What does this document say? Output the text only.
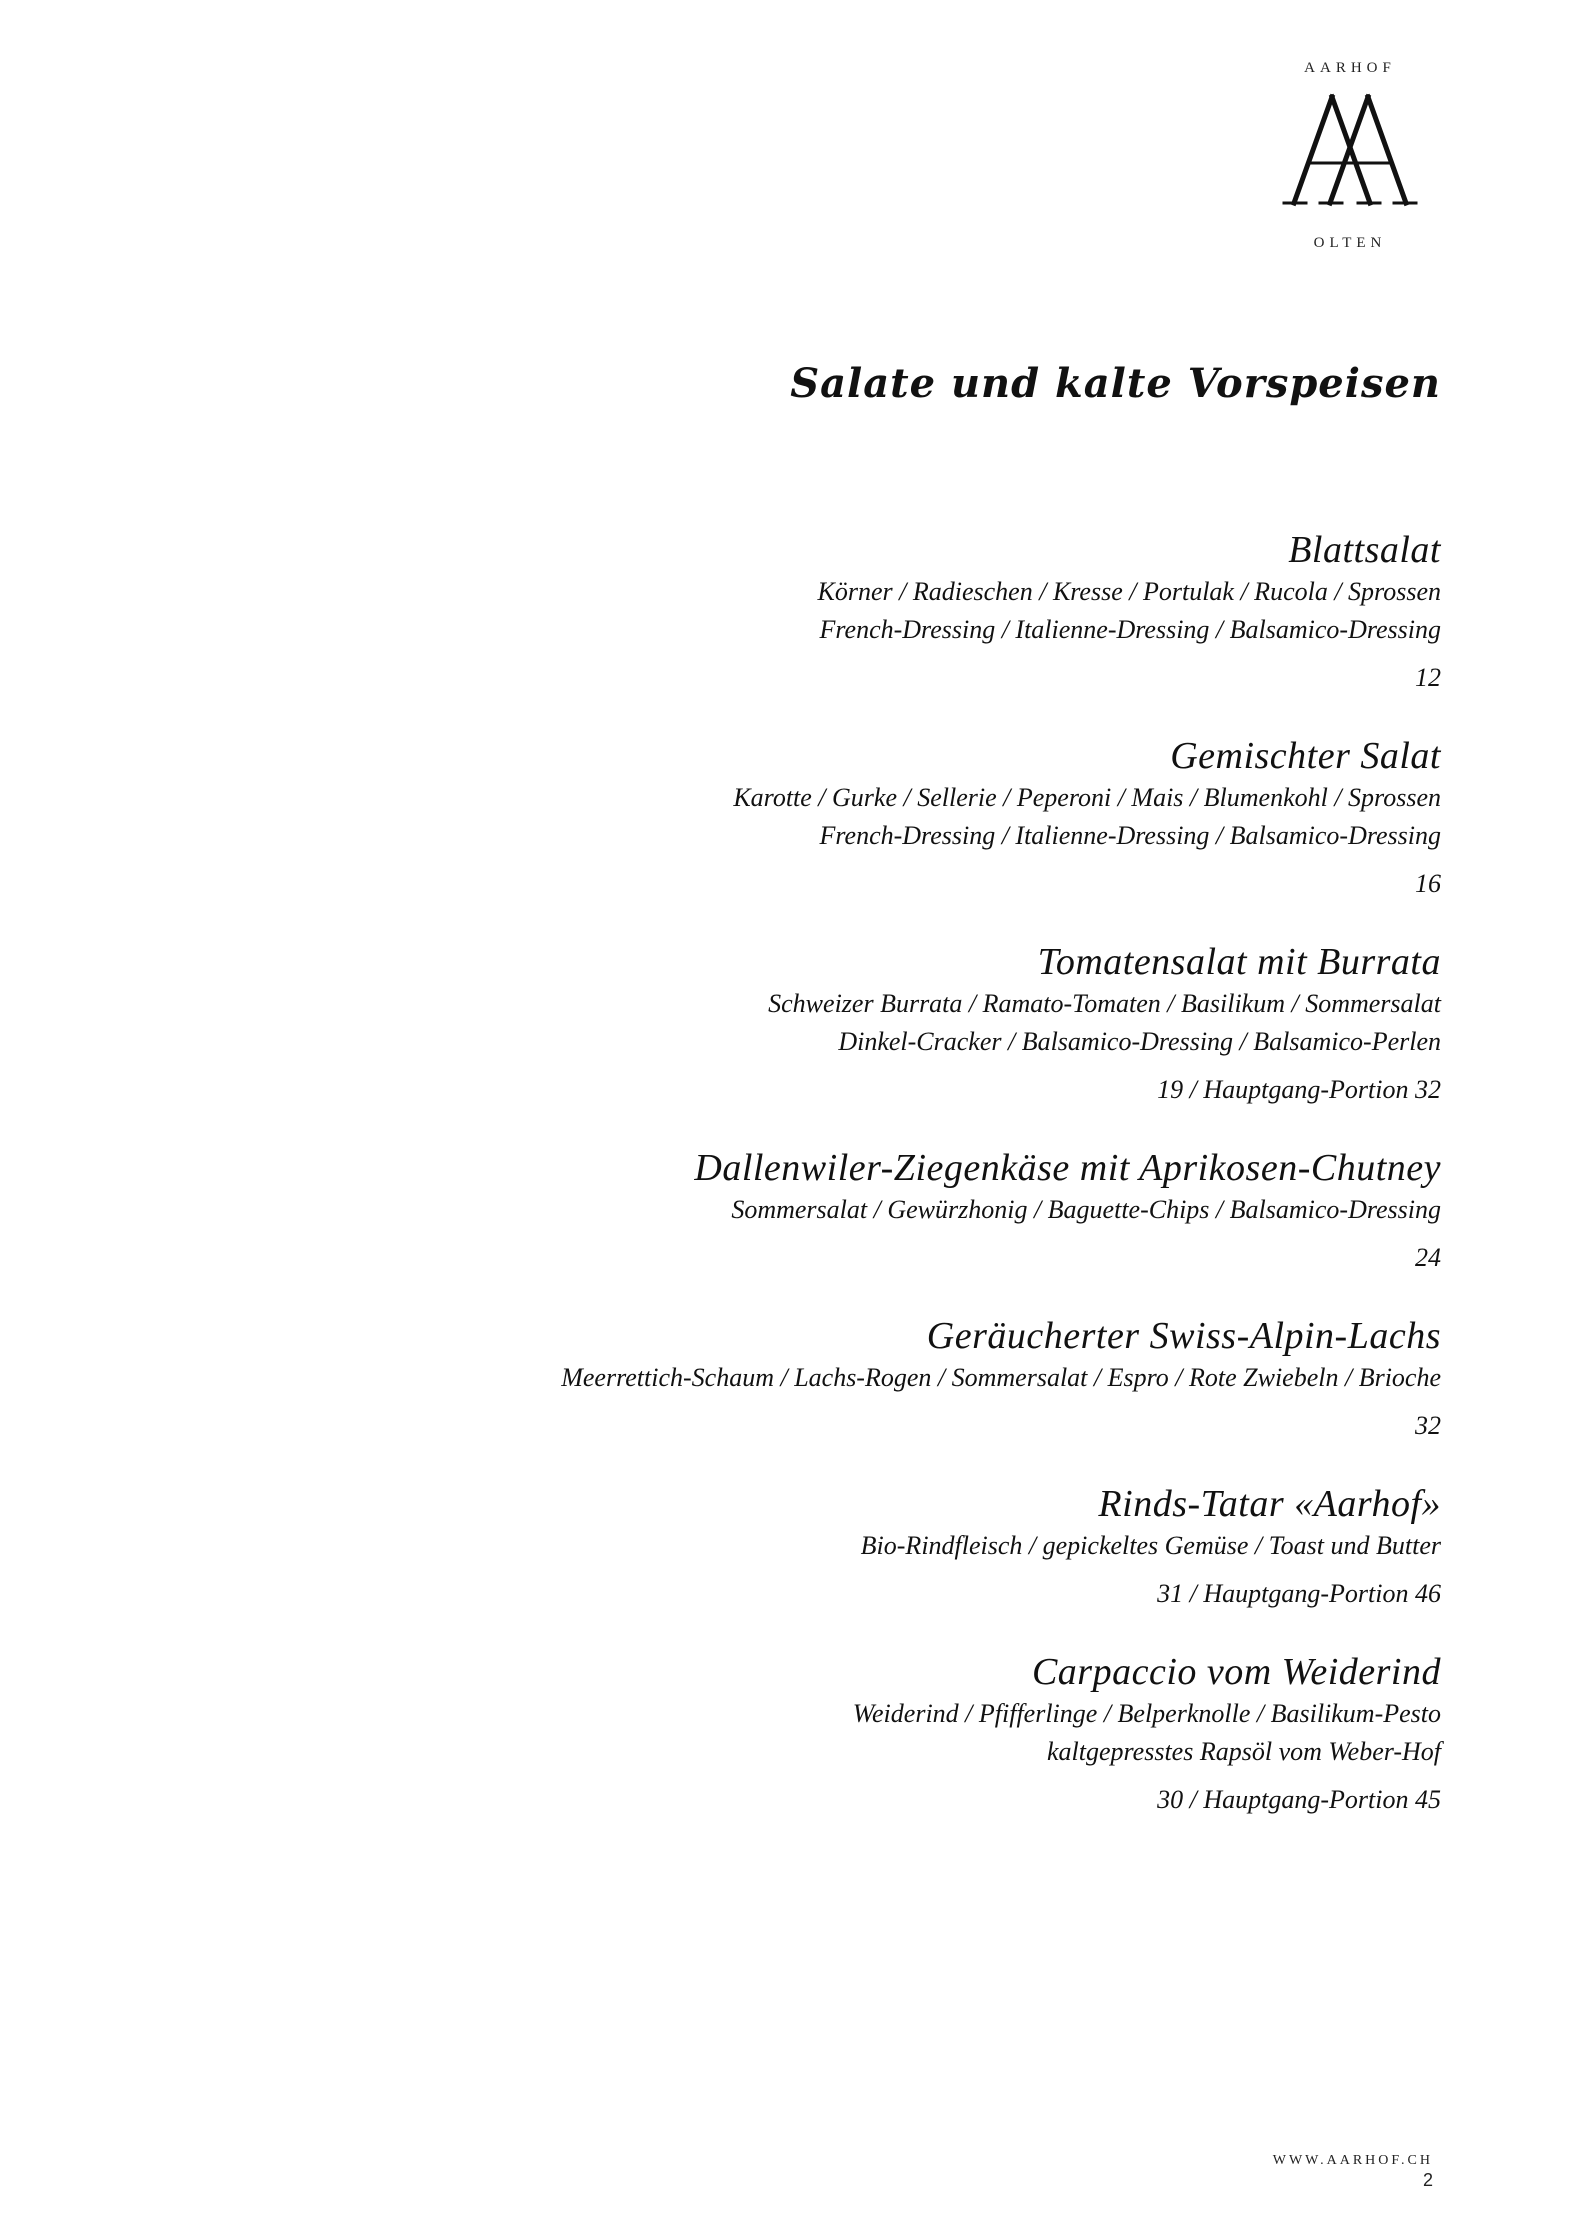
AARHOF
OLTEN
Salate und kalte Vorspeisen

Blattsalat

Körner / Radieschen / Kresse / Portulak / Rucola / Sprossen

French-Dressing / Italienne-Dressing / Balsamico-Dressing

12

Gemischter Salat

Karotte / Gurke / Sellerie / Peperoni / Mais / Blumenkohl / Sprossen

French-Dressing / Italienne-Dressing / Balsamico-Dressing

16

Tomatensalat mit Burrata

Schweizer Burrata / Ramato-Tomaten / Basilikum / Sommersalat

Dinkel-Cracker / Balsamico-Dressing / Balsamico-Perlen

19 / Hauptgang-Portion 32

Dallenwiler-Ziegenkäse mit Aprikosen-Chutney

Sommersalat / Gewürzhonig / Baguette-Chips / Balsamico-Dressing

24

Geräucherter Swiss-Alpin-Lachs

Meerrettich-Schaum / Lachs-Rogen / Sommersalat / Espro / Rote Zwiebeln / Brioche

32

Rinds-Tatar «Aarhof»

Bio-Rindfleisch / gepickeltes Gemüse / Toast und Butter

31 / Hauptgang-Portion 46

Carpaccio vom Weiderind

Weiderind / Pfifferlinge / Belperknolle / Basilikum-Pesto

kaltgepresstes Rapsöl vom Weber-Hof

30 / Hauptgang-Portion 45
WWW.AARHOF.CH
2
